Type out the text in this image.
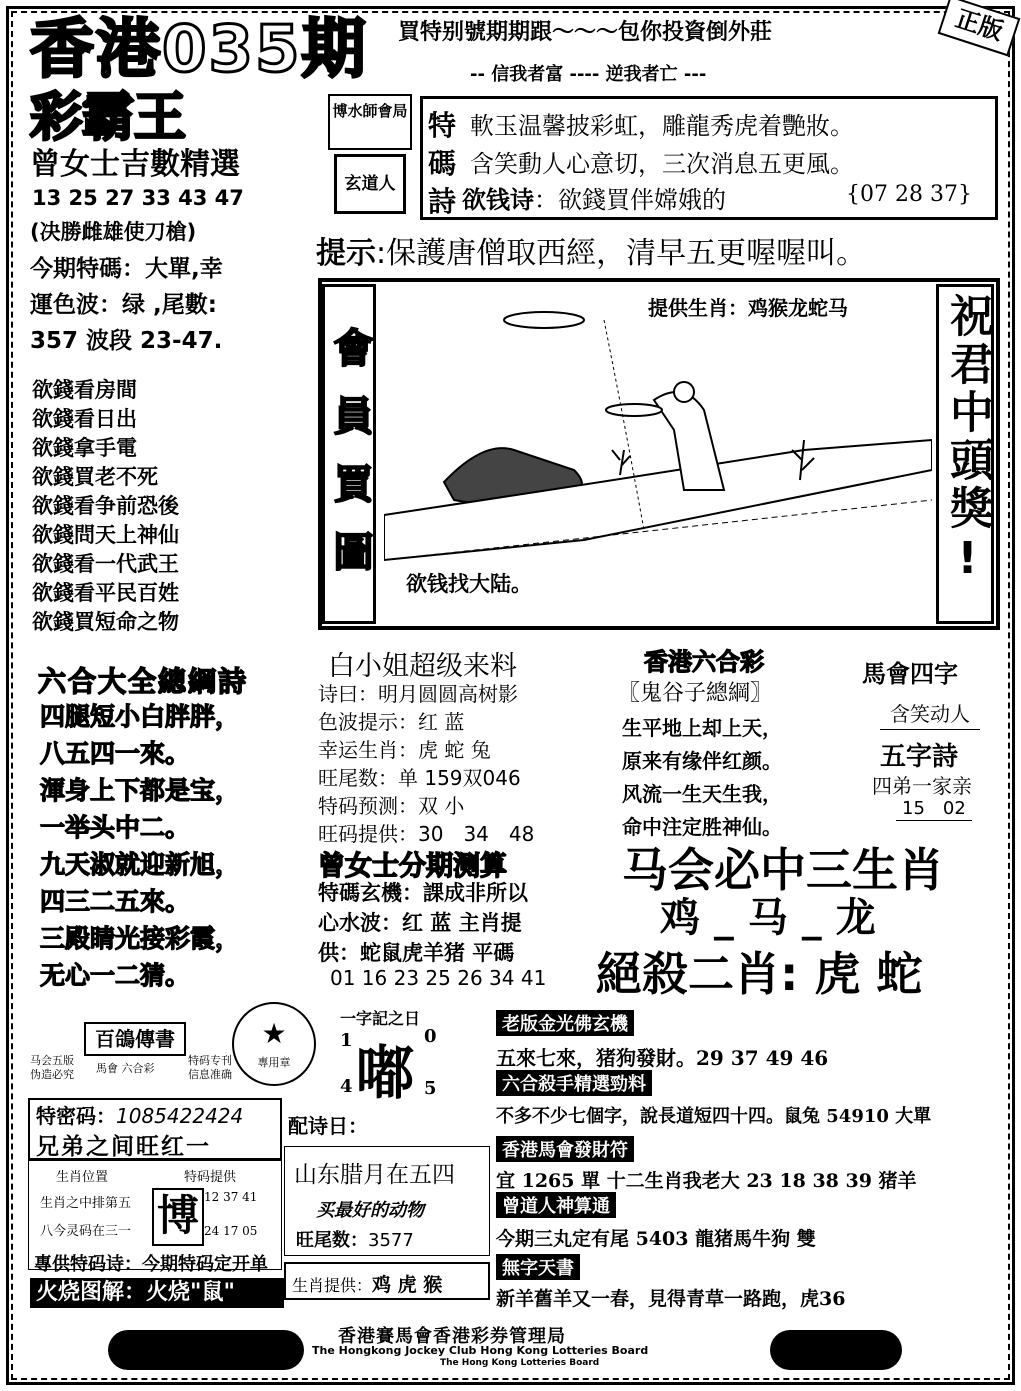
香港035期
彩霸王
買特别號期期跟～～～包你投資倒外莊	正版
-- 信我者富 ---- 逆我者亡 ---
曾女士吉數精選
13 25 27 33 43 47
(决勝雌雄使刀槍)
今期特碼：大單,幸
運色波：绿 ,尾數:
357 波段 23-47.
博水師會局
玄道人
特
碼
詩
軟玉温馨披彩虹，雕龍秀虎着艷妝。
含笑動人心意切，三次消息五更風。
欲钱诗：欲錢買伴嫦娥的	{07 28 37}
提示:保護唐僧取西經，清早五更喔喔叫。
欲錢看房間
欲錢看日出
欲錢拿手電
欲錢買老不死
欲錢看争前恐後
欲錢問天上神仙
欲錢看一代武王
欲錢看平民百姓
欲錢買短命之物
會員買圖	祝君中頭獎!
提供生肖：鸡猴龙蛇马
欲钱找大陆。
六合大全總綱詩
四腿短小白胖胖，
八五四一來。
渾身上下都是宝，
一举头中二。
九天淑就迎新旭，
四三二五來。
三殿睛光接彩霞，
无心一二猜。
白小姐超级来料
诗曰：明月圆圆高树影
色波提示：红 蓝
幸运生肖：虎 蛇 兔
旺尾数：单 159双046
特码预测：双 小
旺码提供：30　34　48
曾女士分期测算
特碼玄機：課成非所以
心水波：红 蓝 主肖提
供：蛇鼠虎羊猪 平碼
01 16 23 25 26 34 41
香港六合彩
〖鬼谷子總綱〗
生平地上却上天，
原来有缘伴红颜。
风流一生天生我，
命中注定胜神仙。
馬會四字
含笑动人
五字詩
四弟一家亲
15　02
马会必中三生肖
鸡 _ 马 _ 龙
絕殺二肖: 虎 蛇
百鴿傳書
馬會 六合彩
马会五版 伪造必究
特码专刊 信息准确
★
專用章
一字記之日
嘟
1	0
4	5
特密码：1085422424
兄弟之间旺红一
生肖位置	特码提供
生肖之中排第五
八今灵码在三一 博 12 37 41
24 17 05
專供特码诗：今期特码定开单
火烧图解：火烧"鼠"
配诗日：
山东腊月在五四
买最好的动物
旺尾数：3577
生肖提供：鸡 虎 猴
老版金光佛玄機
五來七來，猪狗發財。29 37 49 46
六合殺手精選勁料
不多不少七個字，說長道短四十四。鼠兔 54910 大單
香港馬會發財符
宜 1265 單 十二生肖我老大 23 18 38 39 猪羊
曾道人神算通
今期三丸定有尾 5403 龍猪馬牛狗 雙
無字天書
新羊舊羊又一春，見得青草一路跑，虎36
香港賽馬會香港彩券管理局
The Hongkong Jockey Club Hong Kong Lotteries Board
The Hong Kong Lotteries Board
